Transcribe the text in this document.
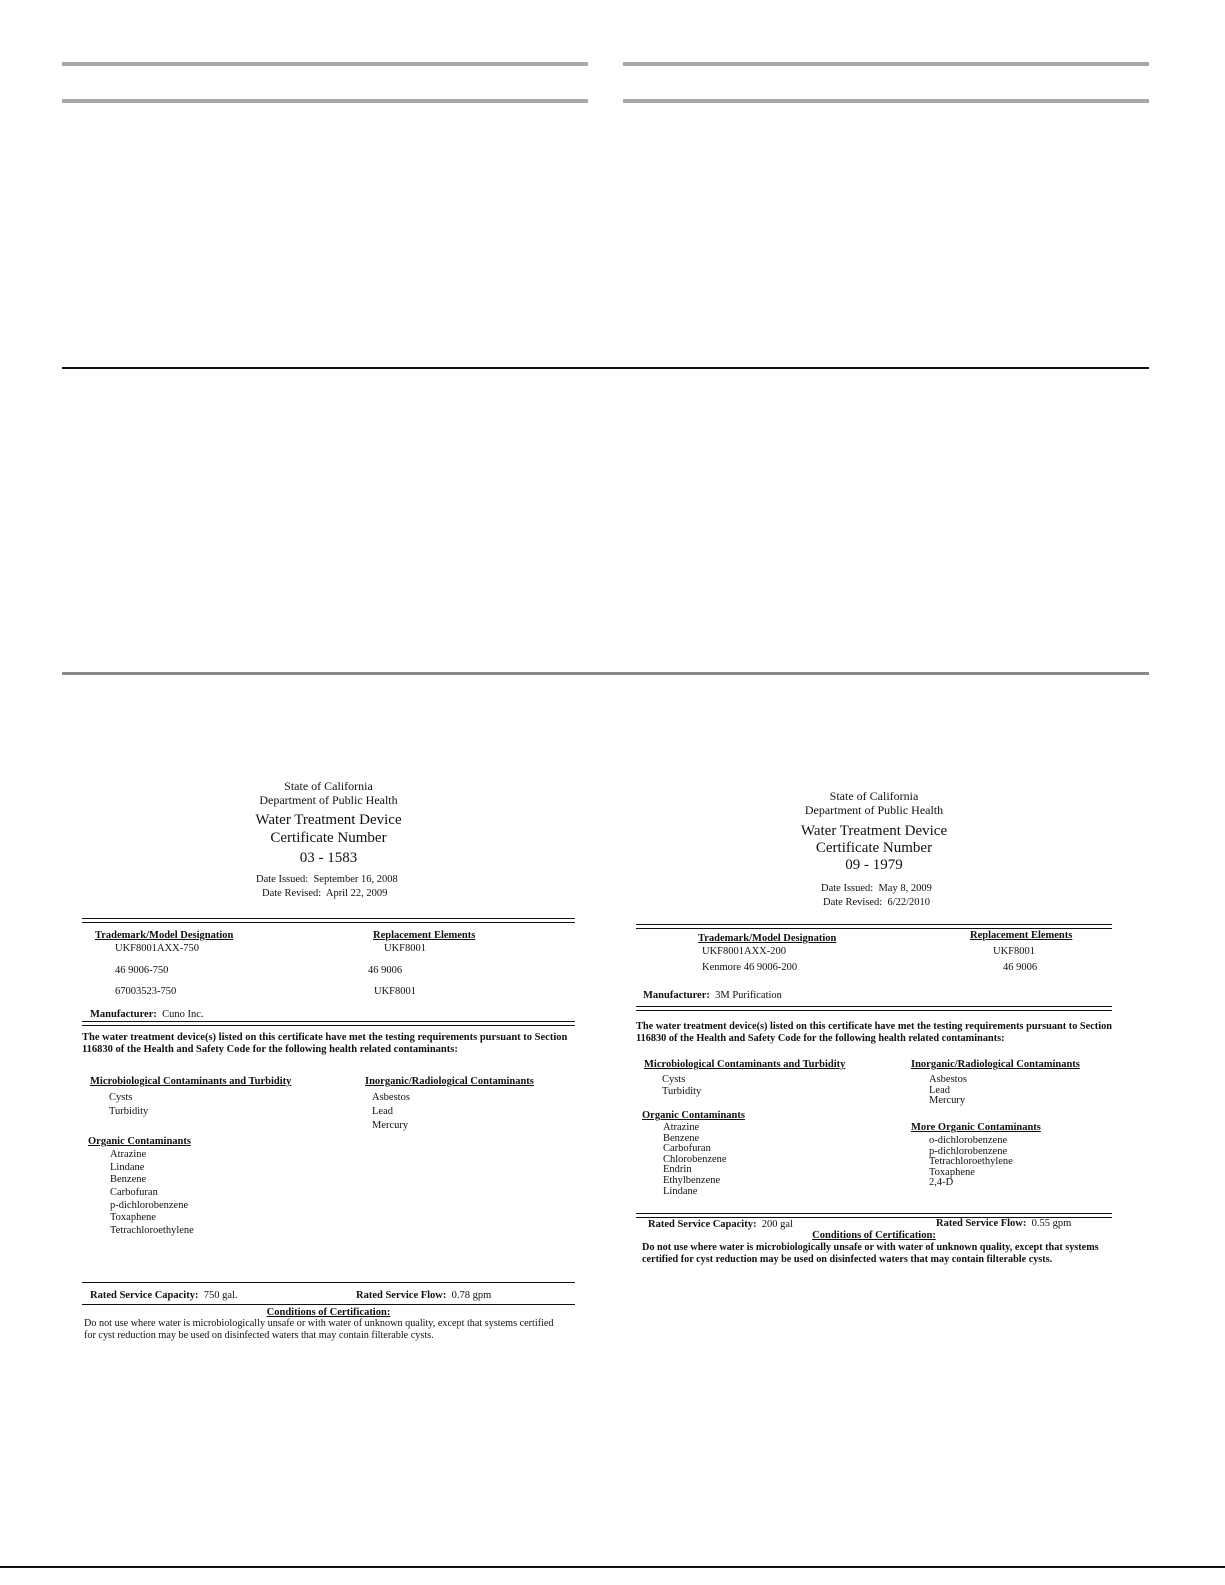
State of California
Department of Public Health
Water Treatment Device
Certificate Number
03 - 1583
Date Issued: September 16, 2008
Date Revised: April 22, 2009
Trademark/Model Designation	Replacement Elements
UKF8001AXX-750	UKF8001
46 9006-750	46 9006
67003523-750	UKF8001
Manufacturer: Cuno Inc.
The water treatment device(s) listed on this certificate have met the testing requirements pursuant to Section
116830 of the Health and Safety Code for the following health related contaminants:
Microbiological Contaminants and Turbidity
Cysts
Turbidity
Inorganic/Radiological Contaminants
Asbestos
Lead
Mercury
Organic Contaminants
Atrazine
Lindane
Benzene
Carbofuran
p-dichlorobenzene
Toxaphene
Tetrachloroethylene
Rated Service Capacity: 750 gal.	Rated Service Flow: 0.78 gpm
Conditions of Certification:
Do not use where water is microbiologically unsafe or with water of unknown quality, except that systems certified
for cyst reduction may be used on disinfected waters that may contain filterable cysts.
State of California
Department of Public Health
Water Treatment Device
Certificate Number
09 - 1979
Date Issued: May 8, 2009
Date Revised: 6/22/2010
Trademark/Model Designation	Replacement Elements
UKF8001AXX-200	UKF8001
Kenmore 46 9006-200	46 9006
Manufacturer: 3M Purification
The water treatment device(s) listed on this certificate have met the testing requirements pursuant to Section
116830 of the Health and Safety Code for the following health related contaminants:
Microbiological Contaminants and Turbidity
Cysts
Turbidity
Inorganic/Radiological Contaminants
Asbestos
Lead
Mercury
Organic Contaminants
Atrazine
Benzene
Carbofuran
Chlorobenzene
Endrin
Ethylbenzene
Lindane
More Organic Contaminants
o-dichlorobenzene
p-dichlorobenzene
Tetrachloroethylene
Toxaphene
2,4-D
Rated Service Capacity: 200 gal	Rated Service Flow: 0.55 gpm
Conditions of Certification:
Do not use where water is microbiologically unsafe or with water of unknown quality, except that systems
certified for cyst reduction may be used on disinfected waters that may contain filterable cysts.
